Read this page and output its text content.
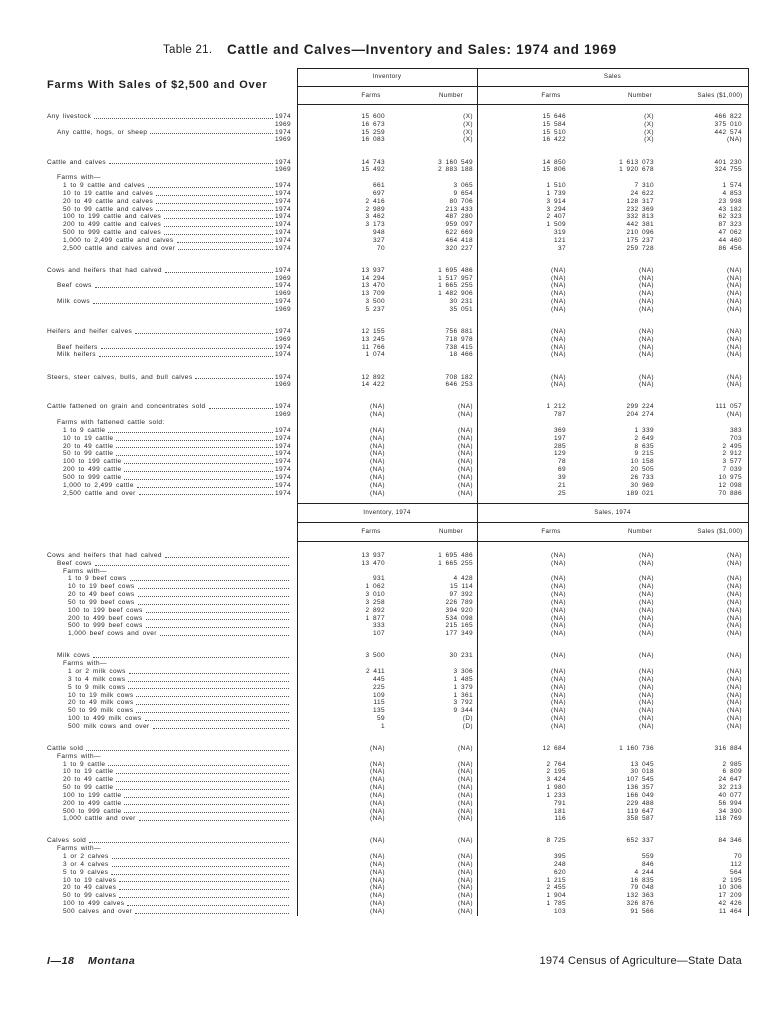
Table 21. Cattle and Calves—Inventory and Sales: 1974 and 1969
Farms With Sales of $2,500 and Over
Inventory	Sales
Farms	Number	Farms	Number	Sales ($1,000)
Any livestock	1974	15 600	(X)	15 646	(X)	466 822
1969	16 673	(X)	15 584	(X)	375 010
Any cattle, hogs, or sheep	1974	15 259	(X)	15 510	(X)	442 574
1969	16 083	(X)	16 422	(X)	(NA)
Cattle and calves	1974	14 743	3 160 549	14 850	1 613 073	401 230
1969	15 492	2 883 188	15 806	1 920 678	324 755
Farms with—
1 to 9 cattle and calves	1974	661	3 065	1 510	7 310	1 574
10 to 19 cattle and calves	1974	697	9 654	1 739	24 622	4 853
20 to 49 cattle and calves	1974	2 416	80 706	3 914	128 317	23 998
50 to 99 cattle and calves	1974	2 989	213 433	3 294	232 369	43 182
100 to 199 cattle and calves	1974	3 462	487 280	2 407	332 813	62 323
200 to 499 cattle and calves	1974	3 173	959 097	1 509	442 381	87 323
500 to 999 cattle and calves	1974	948	622 669	319	210 096	47 062
1,000 to 2,499 cattle and calves	1974	327	464 418	121	175 237	44 460
2,500 cattle and calves and over	1974	70	320 227	37	259 728	86 456
Cows and heifers that had calved	1974	13 937	1 695 486	(NA)	(NA)	(NA)
1969	14 294	1 517 957	(NA)	(NA)	(NA)
Beef cows	1974	13 470	1 665 255	(NA)	(NA)	(NA)
1969	13 709	1 482 906	(NA)	(NA)	(NA)
Milk cows	1974	3 500	30 231	(NA)	(NA)	(NA)
1969	5 237	35 051	(NA)	(NA)	(NA)
Heifers and heifer calves	1974	12 155	756 881	(NA)	(NA)	(NA)
1969	13 245	718 978	(NA)	(NA)	(NA)
Beef heifers	1974	11 766	738 415	(NA)	(NA)	(NA)
Milk heifers	1974	1 074	18 466	(NA)	(NA)	(NA)
Steers, steer calves, bulls, and bull calves	1974	12 892	708 182	(NA)	(NA)	(NA)
1969	14 422	646 253	(NA)	(NA)	(NA)
Cattle fattened on grain and concentrates sold	1974	(NA)	(NA)	1 212	299 224	111 057
1969	(NA)	(NA)	787	204 274	(NA)
Farms with fattened cattle sold:
1 to 9 cattle	1974	(NA)	(NA)	369	1 339	383
10 to 19 cattle	1974	(NA)	(NA)	197	2 649	703
20 to 49 cattle	1974	(NA)	(NA)	285	8 635	2 495
50 to 99 cattle	1974	(NA)	(NA)	129	9 215	2 912
100 to 199 cattle	1974	(NA)	(NA)	78	10 158	3 577
200 to 499 cattle	1974	(NA)	(NA)	69	20 505	7 039
500 to 999 cattle	1974	(NA)	(NA)	39	26 733	10 975
1,000 to 2,499 cattle	1974	(NA)	(NA)	21	30 969	12 098
2,500 cattle and over	1974	(NA)	(NA)	25	189 021	70 886
Inventory, 1974	Sales, 1974
Farms	Number	Farms	Number	Sales ($1,000)
Cows and heifers that had calved	13 937	1 695 486	(NA)	(NA)	(NA)
Beef cows	13 470	1 665 255	(NA)	(NA)	(NA)
Farms with—
1 to 9 beef cows	931	4 428	(NA)	(NA)	(NA)
10 to 19 beef cows	1 062	15 114	(NA)	(NA)	(NA)
20 to 49 beef cows	3 010	97 392	(NA)	(NA)	(NA)
50 to 99 beef cows	3 258	226 789	(NA)	(NA)	(NA)
100 to 199 beef cows	2 892	394 920	(NA)	(NA)	(NA)
200 to 499 beef cows	1 877	534 098	(NA)	(NA)	(NA)
500 to 999 beef cows	333	215 165	(NA)	(NA)	(NA)
1,000 beef cows and over	107	177 349	(NA)	(NA)	(NA)
Milk cows	3 500	30 231	(NA)	(NA)	(NA)
Farms with—
1 or 2 milk cows	2 411	3 306	(NA)	(NA)	(NA)
3 to 4 milk cows	445	1 485	(NA)	(NA)	(NA)
5 to 9 milk cows	225	1 379	(NA)	(NA)	(NA)
10 to 19 milk cows	109	1 361	(NA)	(NA)	(NA)
20 to 49 milk cows	115	3 792	(NA)	(NA)	(NA)
50 to 99 milk cows	135	9 344	(NA)	(NA)	(NA)
100 to 499 milk cows	59	(D)	(NA)	(NA)	(NA)
500 milk cows and over	1	(D)	(NA)	(NA)	(NA)
Cattle sold	(NA)	(NA)	12 684	1 160 736	316 884
Farms with—
1 to 9 cattle	(NA)	(NA)	2 764	13 045	2 985
10 to 19 cattle	(NA)	(NA)	2 195	30 018	6 809
20 to 49 cattle	(NA)	(NA)	3 424	107 545	24 647
50 to 99 cattle	(NA)	(NA)	1 980	136 357	32 213
100 to 199 cattle	(NA)	(NA)	1 233	166 049	40 077
200 to 499 cattle	(NA)	(NA)	791	229 488	56 994
500 to 999 cattle	(NA)	(NA)	181	119 647	34 390
1,000 cattle and over	(NA)	(NA)	116	358 587	118 769
Calves sold	(NA)	(NA)	8 725	652 337	84 346
Farms with—
1 or 2 calves	(NA)	(NA)	395	559	70
3 or 4 calves	(NA)	(NA)	248	846	112
5 to 9 calves	(NA)	(NA)	620	4 244	564
10 to 19 calves	(NA)	(NA)	1 215	16 835	2 195
20 to 49 calves	(NA)	(NA)	2 455	79 048	10 306
50 to 99 calves	(NA)	(NA)	1 904	132 363	17 209
100 to 499 calves	(NA)	(NA)	1 785	326 876	42 426
500 calves and over	(NA)	(NA)	103	91 566	11 464
I—18 Montana	1974 Census of Agriculture—State Data
